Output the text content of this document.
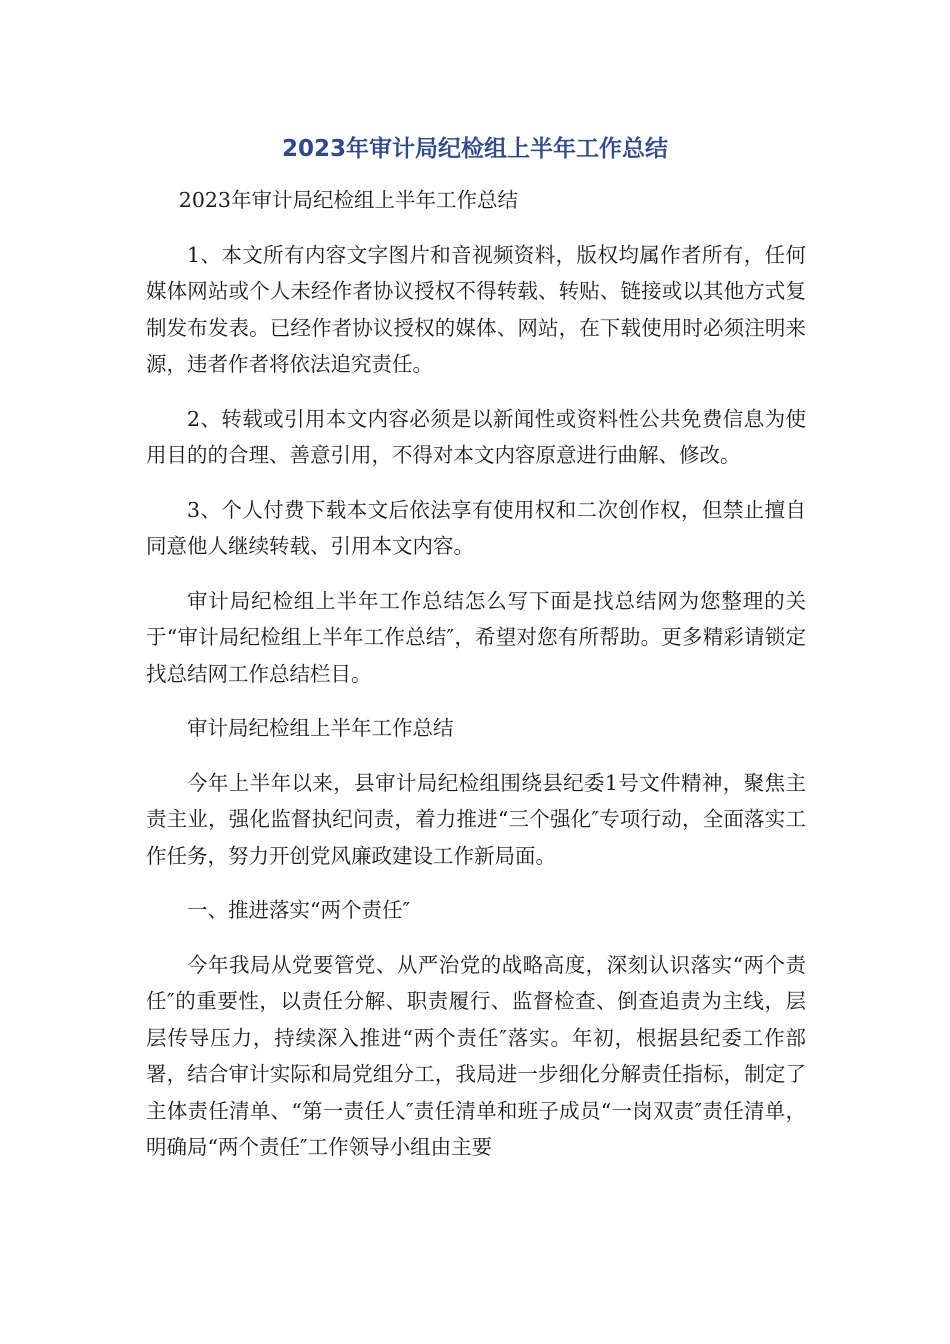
2023年审计局纪检组上半年工作总结

2023年审计局纪检组上半年工作总结

1、本文所有内容文字图片和音视频资料，版权均属作者所有，任何媒体网站或个人未经作者协议授权不得转载、转贴、链接或以其他方式复制发布发表。已经作者协议授权的媒体、网站，在下载使用时必须注明来源，违者作者将依法追究责任。

2、转载或引用本文内容必须是以新闻性或资料性公共免费信息为使用目的的合理、善意引用，不得对本文内容原意进行曲解、修改。

3、个人付费下载本文后依法享有使用权和二次创作权，但禁止擅自同意他人继续转载、引用本文内容。

审计局纪检组上半年工作总结怎么写下面是找总结网为您整理的关于“审计局纪检组上半年工作总结″，希望对您有所帮助。更多精彩请锁定找总结网工作总结栏目。

审计局纪检组上半年工作总结

今年上半年以来，县审计局纪检组围绕县纪委1号文件精神，聚焦主责主业，强化监督执纪问责，着力推进“三个强化″专项行动，全面落实工作任务，努力开创党风廉政建设工作新局面。

一、推进落实“两个责任″

今年我局从党要管党、从严治党的战略高度，深刻认识落实“两个责任″的重要性，以责任分解、职责履行、监督检查、倒查追责为主线，层层传导压力，持续深入推进“两个责任″落实。年初，根据县纪委工作部署，结合审计实际和局党组分工，我局进一步细化分解责任指标，制定了主体责任清单、“第一责任人″责任清单和班子成员“一岗双责″责任清单，明确局“两个责任″工作领导小组由主要
